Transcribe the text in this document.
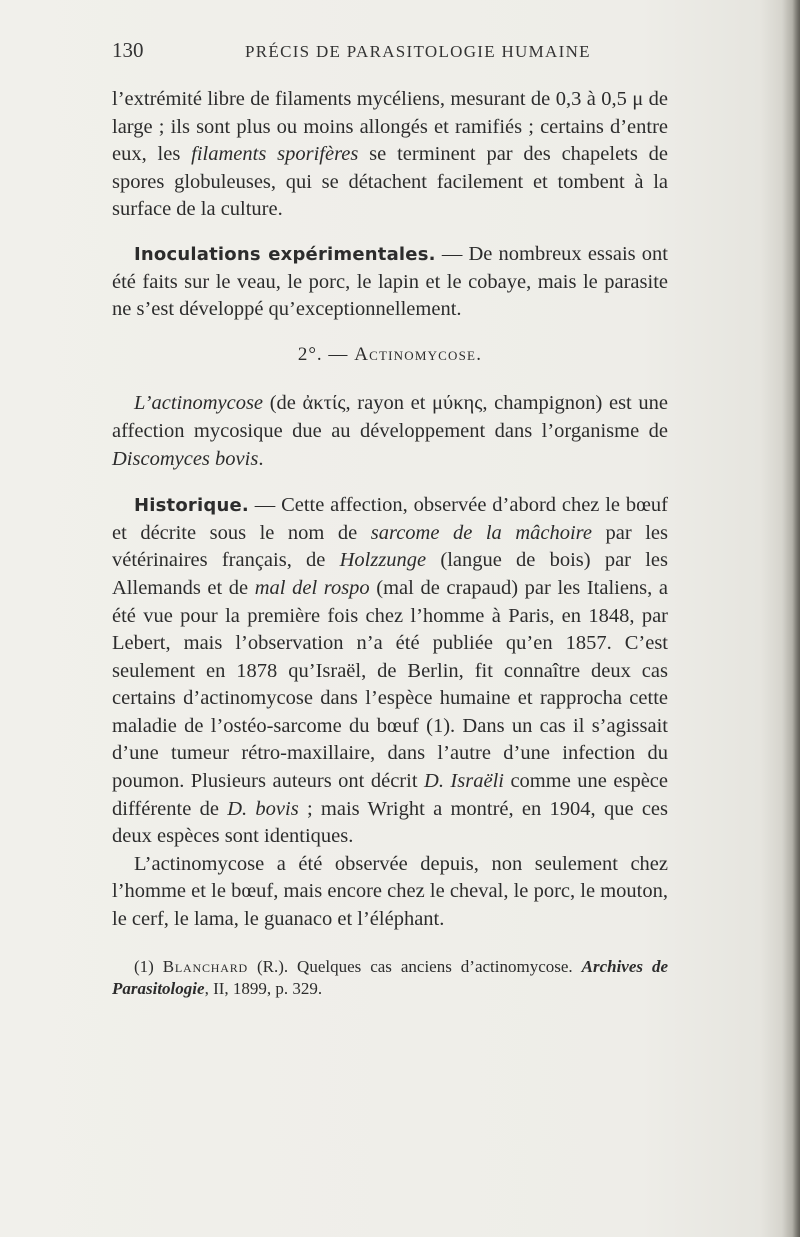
130	PRÉCIS DE PARASITOLOGIE HUMAINE

l’extrémité libre de filaments mycéliens, mesurant de 0,3 à 0,5 μ de large ; ils sont plus ou moins allongés et ramifiés ; certains d’entre eux, les filaments sporifères se terminent par des chapelets de spores globuleuses, qui se détachent facilement et tombent à la surface de la culture.

Inoculations expérimentales. — De nombreux essais ont été faits sur le veau, le porc, le lapin et le cobaye, mais le parasite ne s’est développé qu’exceptionnellement.

2°. — Actinomycose.

L’actinomycose (de ἀκτίς, rayon et μύκης, champignon) est une affection mycosique due au développement dans l’organisme de Discomyces bovis.

Historique. — Cette affection, observée d’abord chez le bœuf et décrite sous le nom de sarcome de la mâchoire par les vétérinaires français, de Holzzunge (langue de bois) par les Allemands et de mal del rospo (mal de crapaud) par les Italiens, a été vue pour la première fois chez l’homme à Paris, en 1848, par Lebert, mais l’observation n’a été publiée qu’en 1857. C’est seulement en 1878 qu’Israël, de Berlin, fit connaître deux cas certains d’actinomycose dans l’espèce humaine et rapprocha cette maladie de l’ostéo-sarcome du bœuf (1). Dans un cas il s’agissait d’une tumeur rétro-maxillaire, dans l’autre d’une infection du poumon. Plusieurs auteurs ont décrit D. Israëli comme une espèce différente de D. bovis ; mais Wright a montré, en 1904, que ces deux espèces sont identiques.

L’actinomycose a été observée depuis, non seulement chez l’homme et le bœuf, mais encore chez le cheval, le porc, le mouton, le cerf, le lama, le guanaco et l’éléphant.

(1) Blanchard (R.). Quelques cas anciens d’actinomycose. Archives de Parasitologie, II, 1899, p. 329.
